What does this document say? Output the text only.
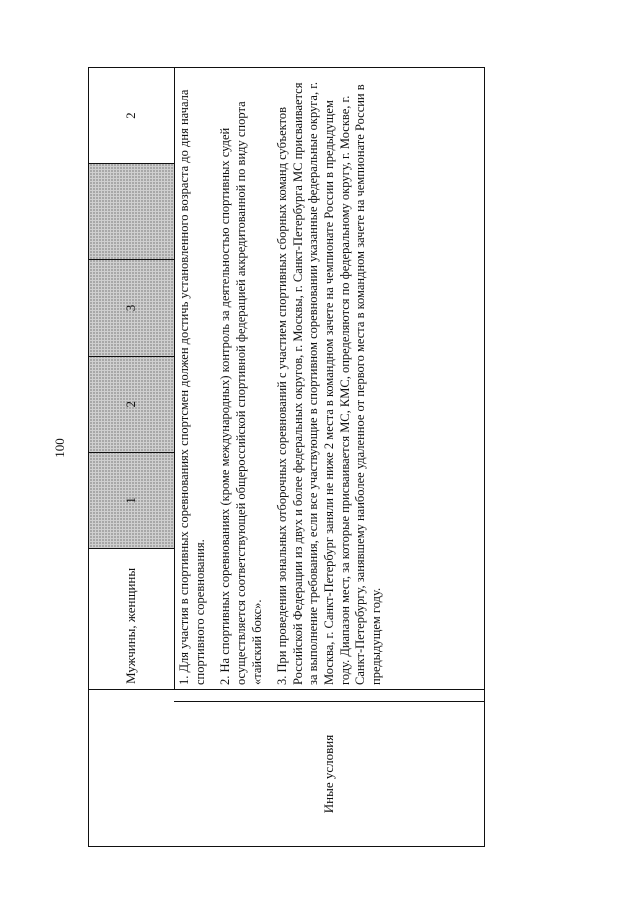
100
	Мужчины, женщины	1	2	3		2

1. Для участия в спортивных соревнованиях спортсмен должен достичь установленного возраста до дня начала спортивного соревнования. 2. На спортивных соревнованиях (кроме международных) контроль за деятельностью спортивных судей осуществляется соответствующей общероссийской спортивной федерацией аккредитованной по виду спорта «тайский бокс». 3. При проведении зональных отборочных соревнований с участием спортивных сборных команд субъектов Российской Федерации из двух и более федеральных округов, г. Москвы, г. Санкт-Петербурга МС присваивается за выполнение требования, если все участвующие в спортивном соревновании указанные федеральные округа, г. Москва, г. Санкт-Петербург заняли не ниже 2 места в командном зачете на чемпионате России в предыдущем году. Диапазон мест, за которые присваивается МС, КМС, определяются по федеральному округу, г. Москве, г. Санкт-Петербургу, занявшему наиболее удаленное от первого места в командном зачете на чемпионате России в предыдущем году.

Иные условия
